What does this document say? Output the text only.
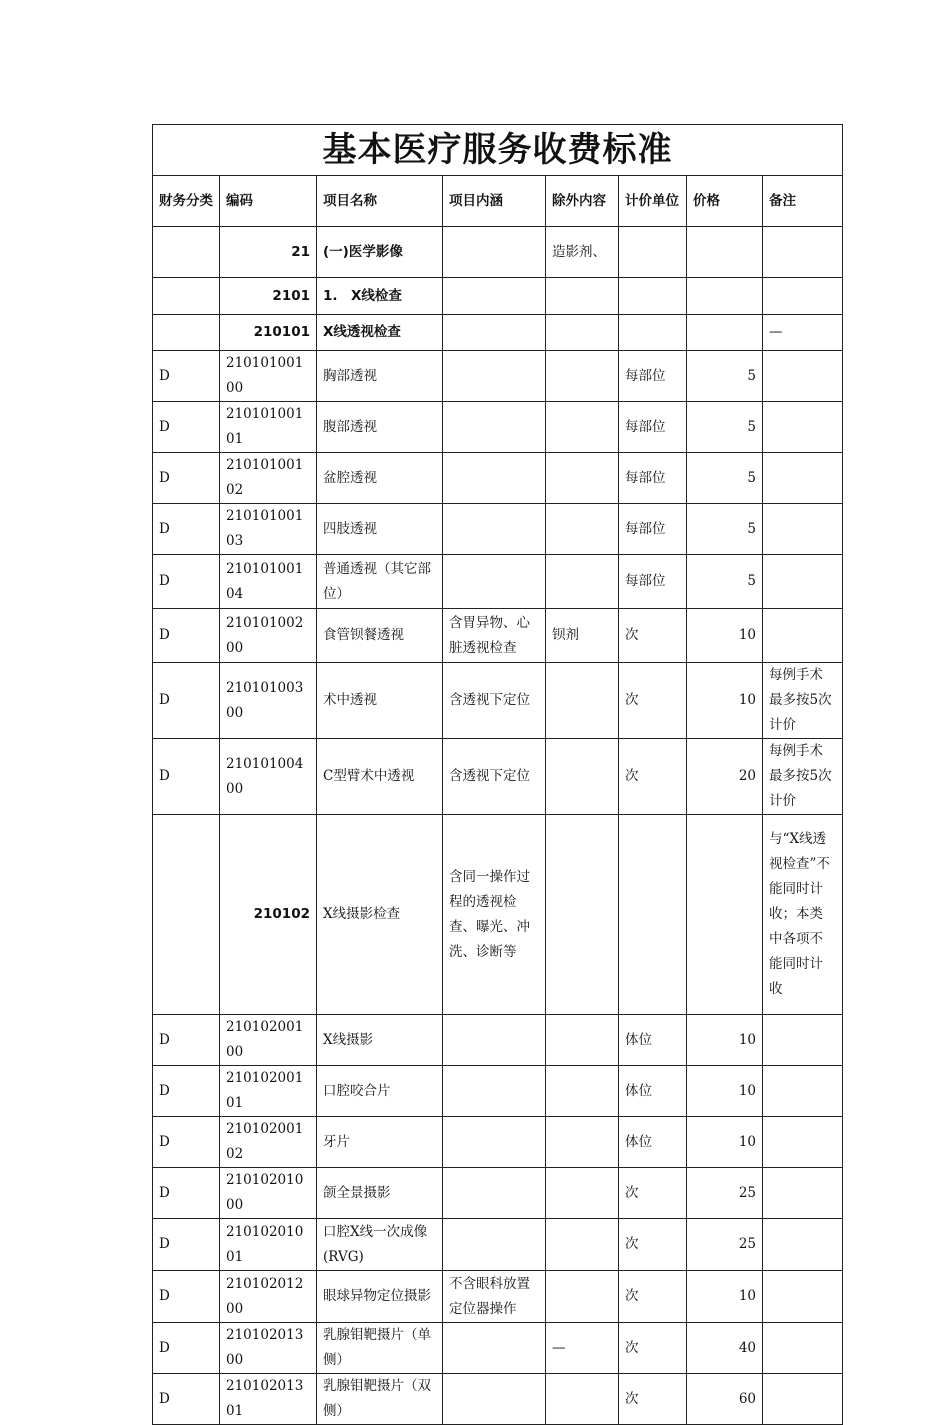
基本医疗服务收费标准							
财务分类	编码	项目名称	项目内涵	除外内容	计价单位	价格	备注
	21	(一)医学影像		造影剂、			
	2101	1.　X线检查					
	210101	X线透视检查					—
D	21010100100	胸部透视			每部位	5	
D	21010100101	腹部透视			每部位	5	
D	21010100102	盆腔透视			每部位	5	
D	21010100103	四肢透视			每部位	5	
D	21010100104	普通透视（其它部位）			每部位	5	
D	21010100200	食管钡餐透视	含胃异物、心脏透视检查	钡剂	次	10	
D	21010100300	术中透视	含透视下定位		次	10	每例手术最多按5次计价
D	21010100400	C型臂术中透视	含透视下定位		次	20	每例手术最多按5次计价
	210102	X线摄影检查	含同一操作过程的透视检查、曝光、冲洗、诊断等				与“X线透视检查”不能同时计收；本类中各项不能同时计收
D	21010200100	X线摄影			体位	10	
D	21010200101	口腔咬合片			体位	10	
D	21010200102	牙片			体位	10	
D	21010201000	颌全景摄影			次	25	
D	21010201001	口腔X线一次成像(RVG)			次	25	
D	21010201200	眼球异物定位摄影	不含眼科放置定位器操作		次	10	
D	21010201300	乳腺钼靶摄片（单侧）		—	次	40	
D	21010201301	乳腺钼靶摄片（双侧）			次	60	
